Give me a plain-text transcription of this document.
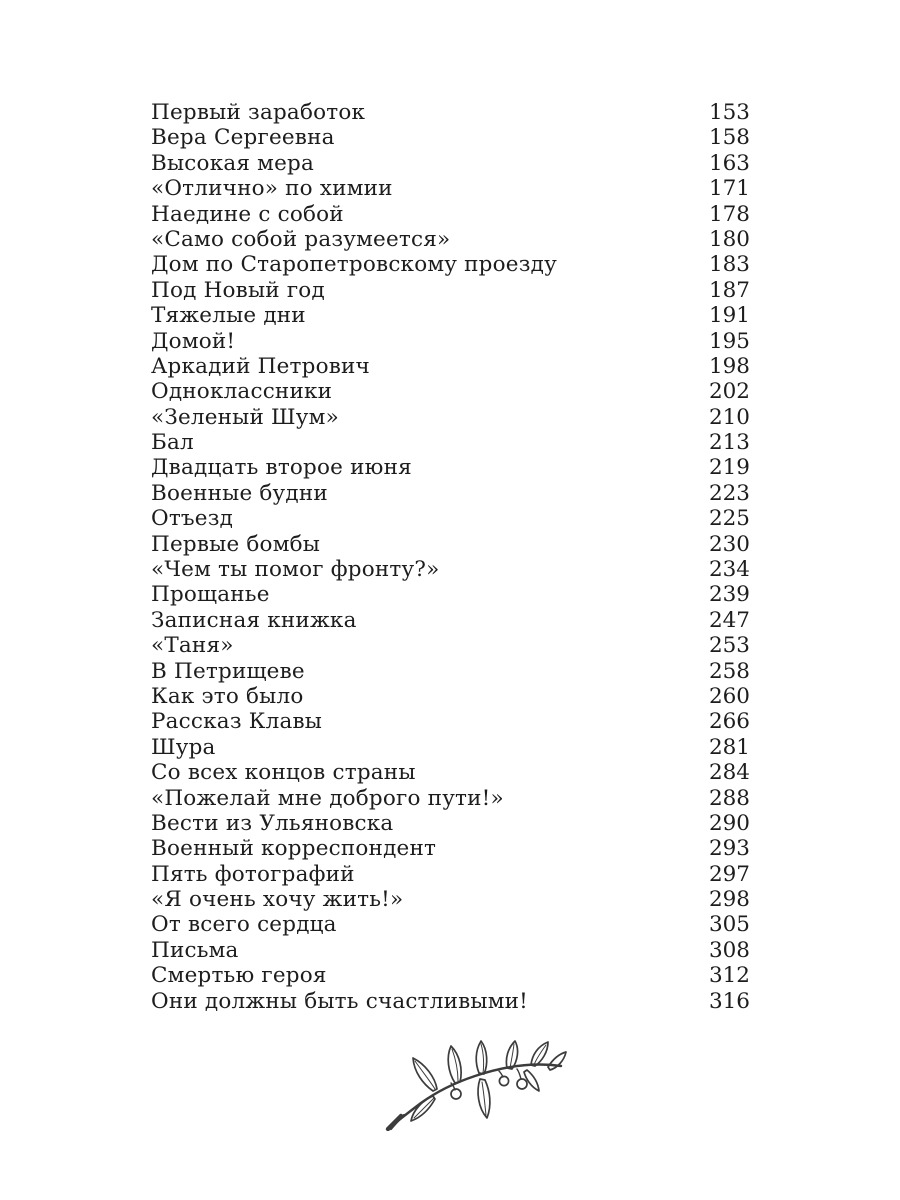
Первый заработок	153
Вера Сергеевна	158
Высокая мера	163
«Отлично» по химии	171
Наедине с собой	178
«Само собой разумеется»	180
Дом по Старопетровскому проезду	183
Под Новый год	187
Тяжелые дни	191
Домой!	195
Аркадий Петрович	198
Одноклассники	202
«Зеленый Шум»	210
Бал	213
Двадцать второе июня	219
Военные будни	223
Отъезд	225
Первые бомбы	230
«Чем ты помог фронту?»	234
Прощанье	239
Записная книжка	247
«Таня»	253
В Петрищеве	258
Как это было	260
Рассказ Клавы	266
Шура	281
Со всех концов страны	284
«Пожелай мне доброго пути!»	288
Вести из Ульяновска	290
Военный корреспондент	293
Пять фотографий	297
«Я очень хочу жить!»	298
От всего сердца	305
Письма	308
Смертью героя	312
Они должны быть счастливыми!	316
